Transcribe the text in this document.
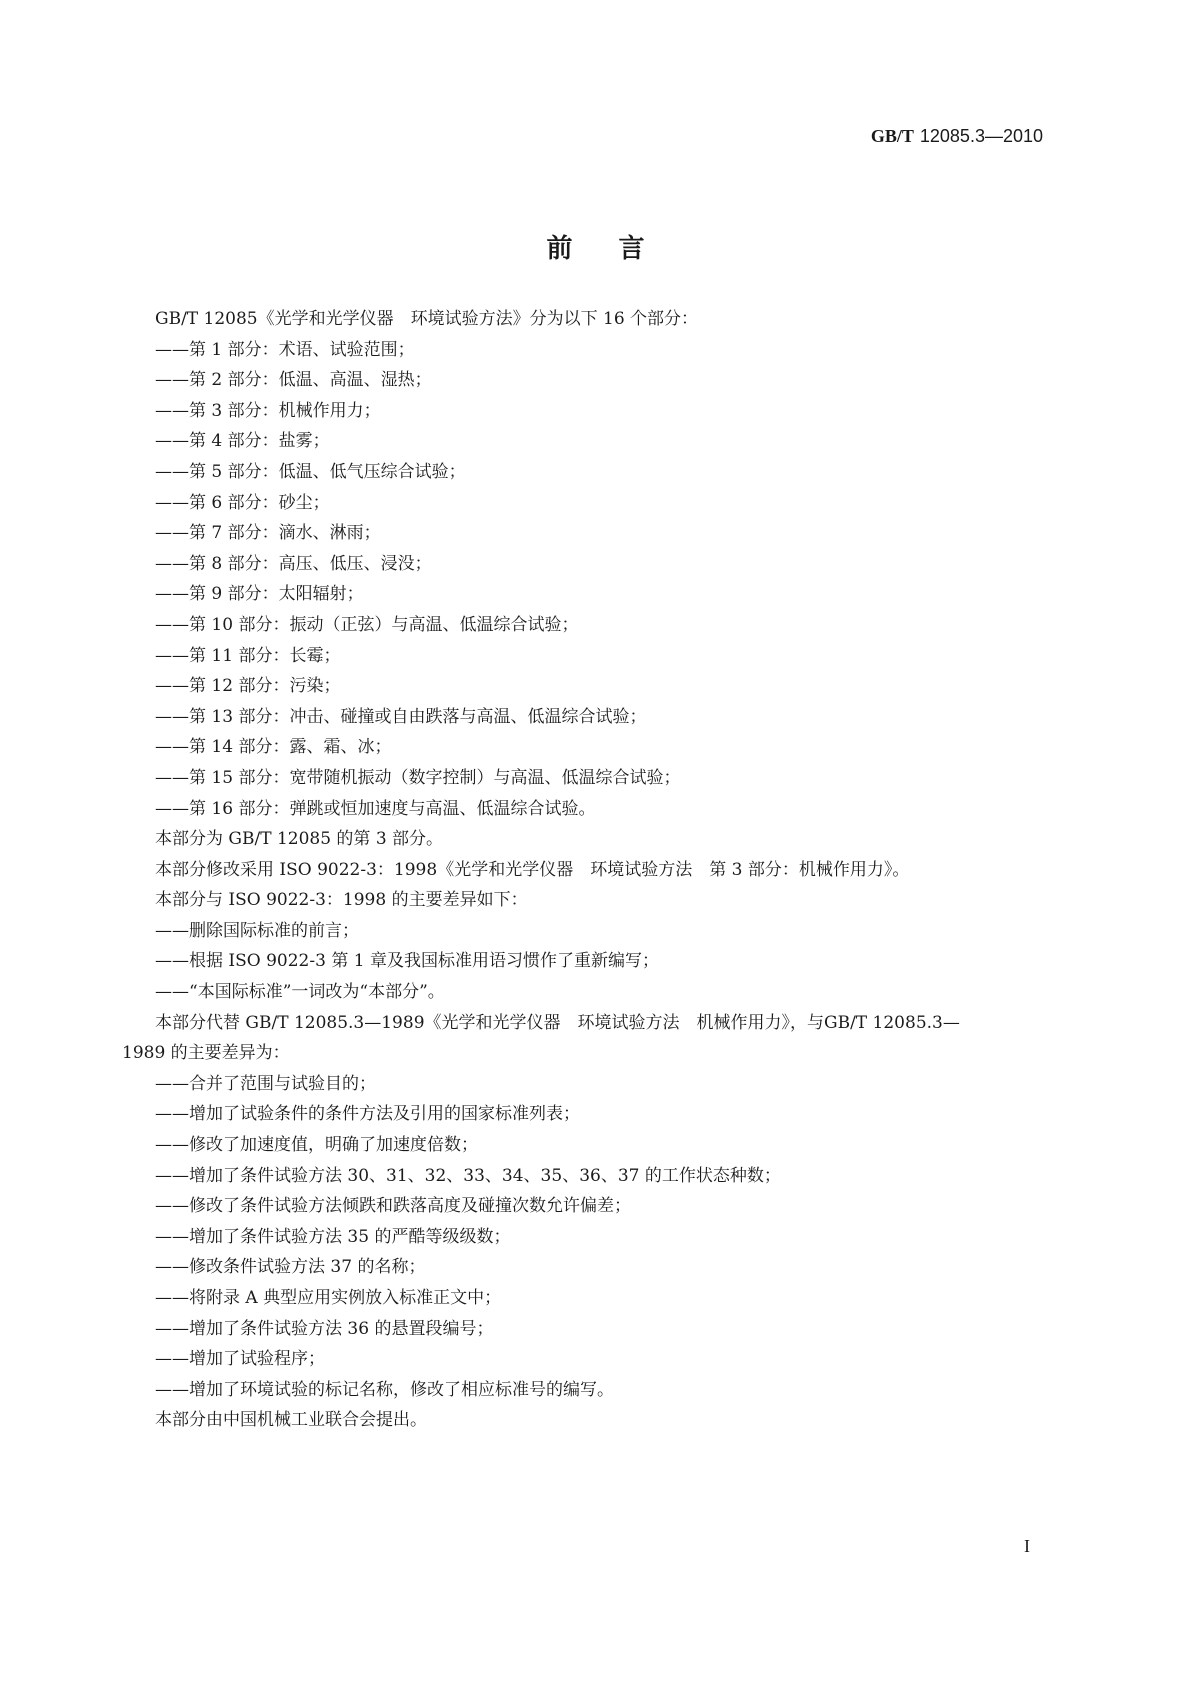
GB/T 12085.3—2010
前言
GB/T 12085《光学和光学仪器　环境试验方法》分为以下 16 个部分：
——第 1 部分：术语、试验范围；
——第 2 部分：低温、高温、湿热；
——第 3 部分：机械作用力；
——第 4 部分：盐雾；
——第 5 部分：低温、低气压综合试验；
——第 6 部分：砂尘；
——第 7 部分：滴水、淋雨；
——第 8 部分：高压、低压、浸没；
——第 9 部分：太阳辐射；
——第 10 部分：振动（正弦）与高温、低温综合试验；
——第 11 部分：长霉；
——第 12 部分：污染；
——第 13 部分：冲击、碰撞或自由跌落与高温、低温综合试验；
——第 14 部分：露、霜、冰；
——第 15 部分：宽带随机振动（数字控制）与高温、低温综合试验；
——第 16 部分：弹跳或恒加速度与高温、低温综合试验。
本部分为 GB/T 12085 的第 3 部分。
本部分修改采用 ISO 9022-3：1998《光学和光学仪器　环境试验方法　第 3 部分：机械作用力》。
本部分与 ISO 9022-3：1998 的主要差异如下：
——删除国际标准的前言；
——根据 ISO 9022-3 第 1 章及我国标准用语习惯作了重新编写；
——“本国际标准”一词改为“本部分”。
本部分代替 GB/T 12085.3—1989《光学和光学仪器　环境试验方法　机械作用力》，与GB/T 12085.3—
1989 的主要差异为：
——合并了范围与试验目的；
——增加了试验条件的条件方法及引用的国家标准列表；
——修改了加速度值，明确了加速度倍数；
——增加了条件试验方法 30、31、32、33、34、35、36、37 的工作状态种数；
——修改了条件试验方法倾跌和跌落高度及碰撞次数允许偏差；
——增加了条件试验方法 35 的严酷等级级数；
——修改条件试验方法 37 的名称；
——将附录 A 典型应用实例放入标准正文中；
——增加了条件试验方法 36 的悬置段编号；
——增加了试验程序；
——增加了环境试验的标记名称，修改了相应标准号的编写。
本部分由中国机械工业联合会提出。
I
